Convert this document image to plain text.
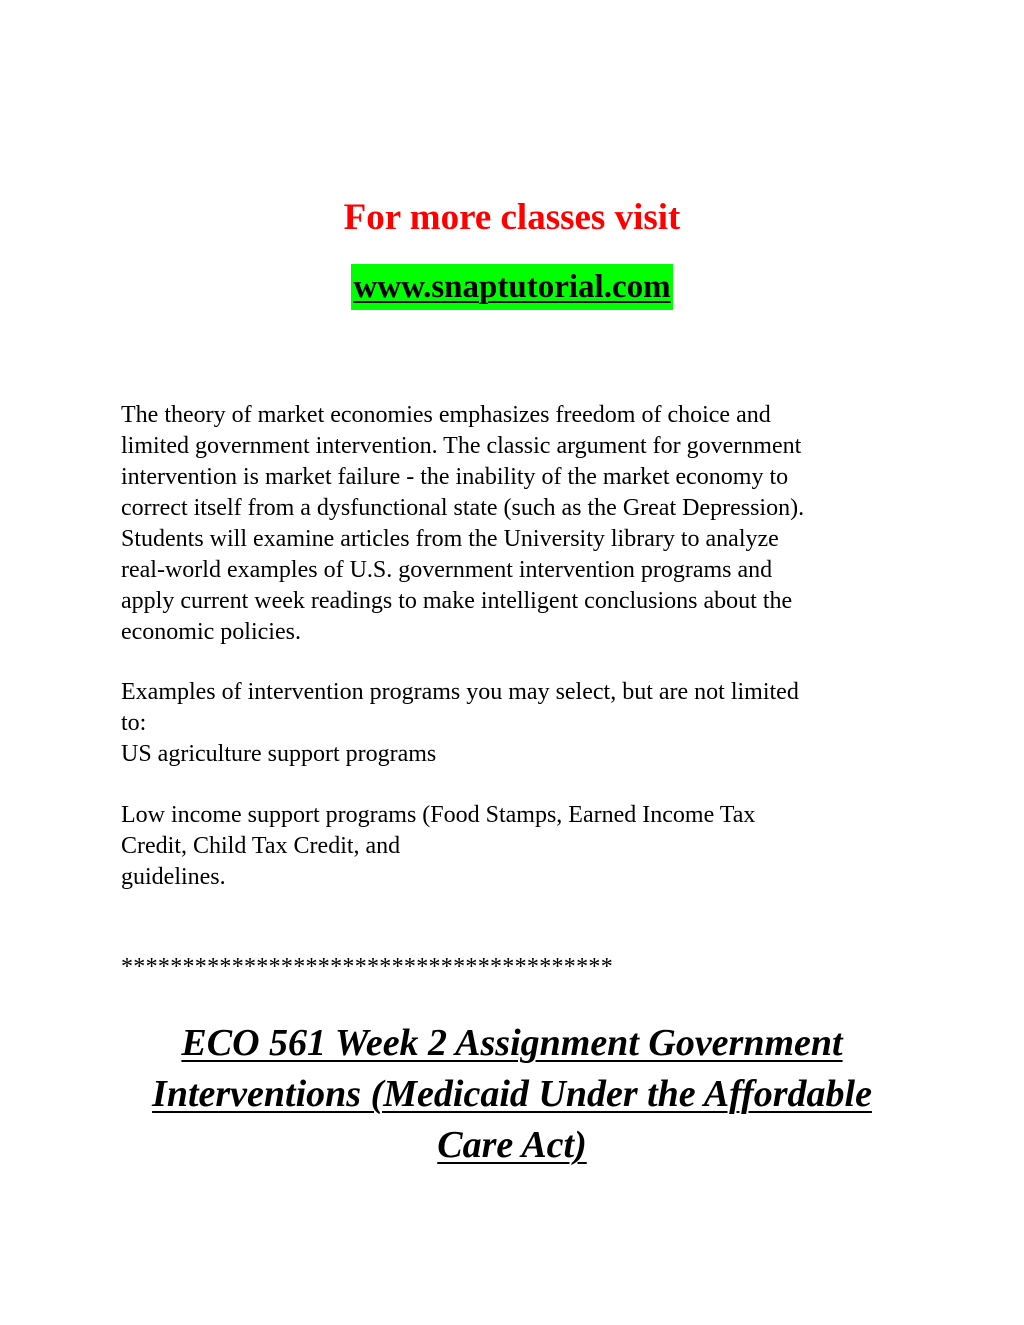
For more classes visit
www.snaptutorial.com

The theory of market economies emphasizes freedom of choice and
limited government intervention. The classic argument for government
intervention is market failure - the inability of the market economy to
correct itself from a dysfunctional state (such as the Great Depression).
Students will examine articles from the University library to analyze
real-world examples of U.S. government intervention programs and
apply current week readings to make intelligent conclusions about the
economic policies.

Examples of intervention programs you may select, but are not limited
to:
US agriculture support programs

Low income support programs (Food Stamps, Earned Income Tax
Credit, Child Tax Credit, and
guidelines.

****************************************
ECO 561 Week 2 Assignment Government
Interventions (Medicaid Under the Affordable
Care Act)
